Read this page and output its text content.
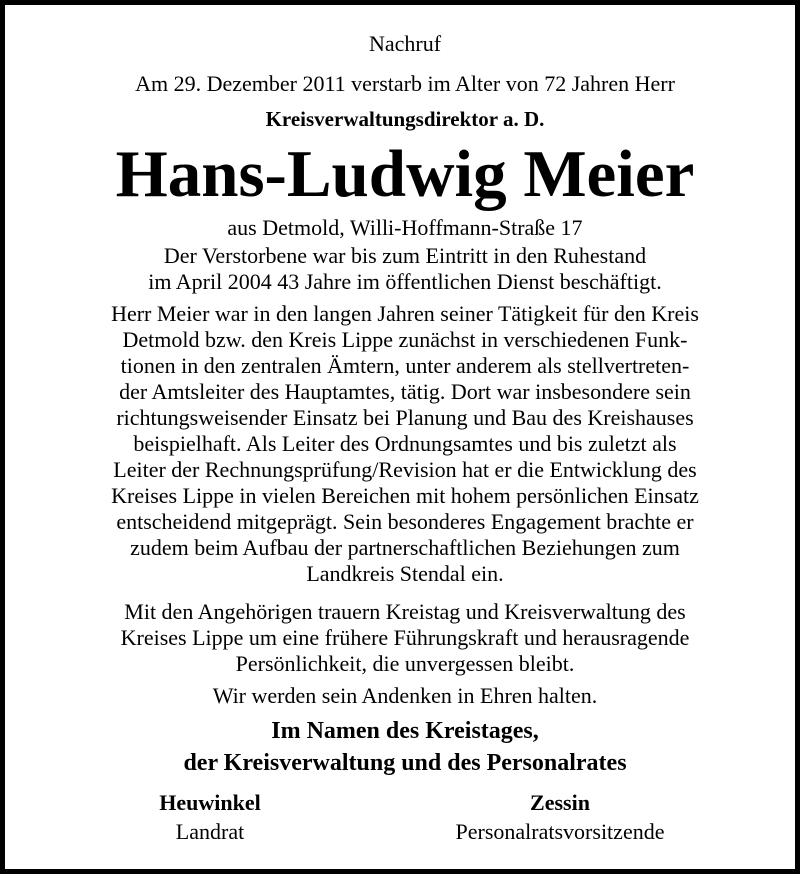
Nachruf
Am 29. Dezember 2011 verstarb im Alter von 72 Jahren Herr
Kreisverwaltungsdirektor a. D.
Hans-Ludwig Meier
aus Detmold, Willi-Hoffmann-Straße 17
Der Verstorbene war bis zum Eintritt in den Ruhestand
im April 2004 43 Jahre im öffentlichen Dienst beschäftigt.
Herr Meier war in den langen Jahren seiner Tätigkeit für den Kreis
Detmold bzw. den Kreis Lippe zunächst in verschiedenen Funk-
tionen in den zentralen Ämtern, unter anderem als stellvertreten-
der Amtsleiter des Hauptamtes, tätig. Dort war insbesondere sein
richtungsweisender Einsatz bei Planung und Bau des Kreishauses
beispielhaft. Als Leiter des Ordnungsamtes und bis zuletzt als
Leiter der Rechnungsprüfung/Revision hat er die Entwicklung des
Kreises Lippe in vielen Bereichen mit hohem persönlichen Einsatz
entscheidend mitgeprägt. Sein besonderes Engagement brachte er
zudem beim Aufbau der partnerschaftlichen Beziehungen zum
Landkreis Stendal ein.
Mit den Angehörigen trauern Kreistag und Kreisverwaltung des
Kreises Lippe um eine frühere Führungskraft und herausragende
Persönlichkeit, die unvergessen bleibt.
Wir werden sein Andenken in Ehren halten.
Im Namen des Kreistages,
der Kreisverwaltung und des Personalrates
Heuwinkel
Landrat
Zessin
Personalratsvorsitzende
